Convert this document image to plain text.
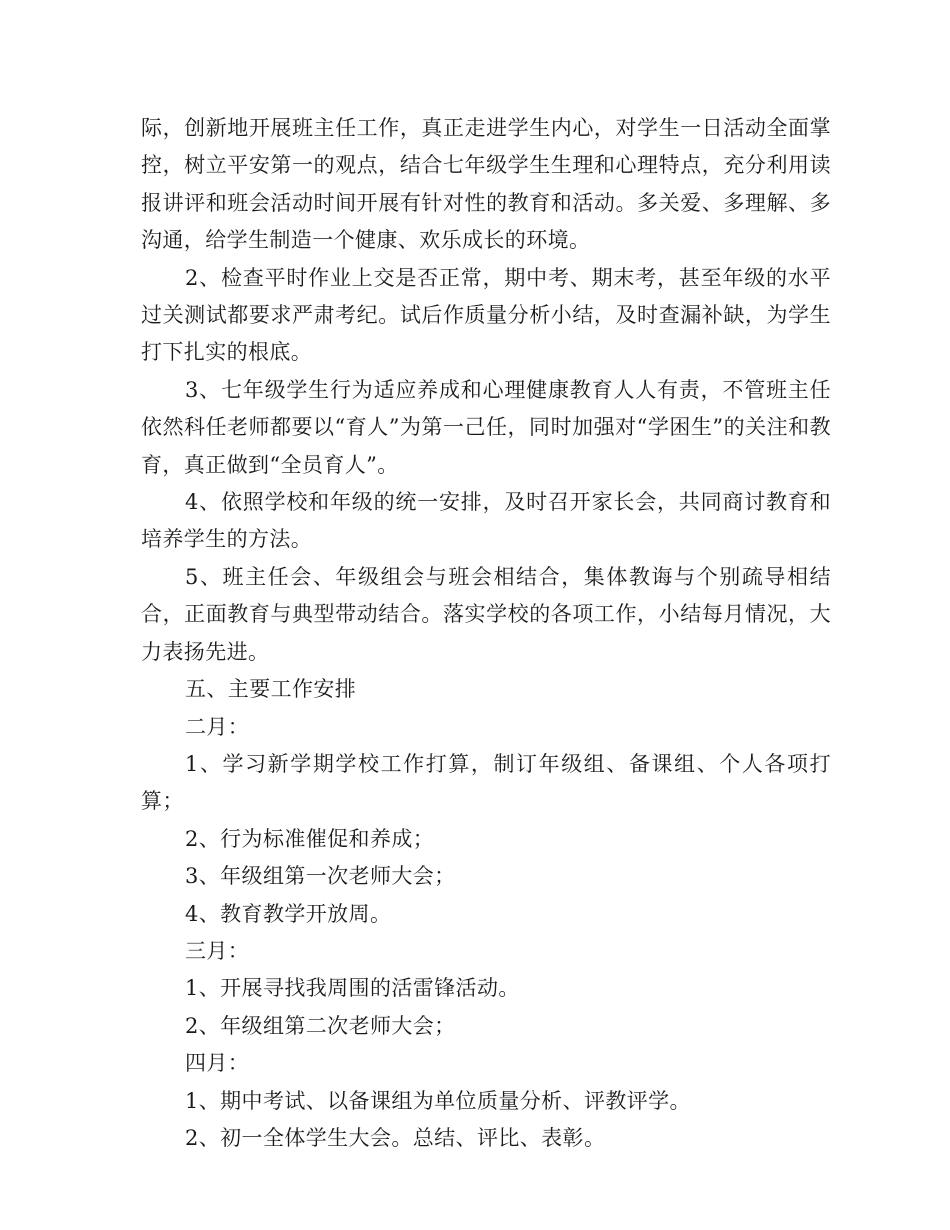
际，创新地开展班主任工作，真正走进学生内心，对学生一日活动全面掌控，树立平安第一的观点，结合七年级学生生理和心理特点，充分利用读报讲评和班会活动时间开展有针对性的教育和活动。多关爱、多理解、多沟通，给学生制造一个健康、欢乐成长的环境。

2、检查平时作业上交是否正常，期中考、期末考，甚至年级的水平过关测试都要求严肃考纪。试后作质量分析小结，及时查漏补缺，为学生打下扎实的根底。

3、七年级学生行为适应养成和心理健康教育人人有责，不管班主任依然科任老师都要以“育人”为第一己任，同时加强对“学困生”的关注和教育，真正做到“全员育人”。

4、依照学校和年级的统一安排，及时召开家长会，共同商讨教育和培养学生的方法。

5、班主任会、年级组会与班会相结合，集体教诲与个别疏导相结合，正面教育与典型带动结合。落实学校的各项工作，小结每月情况，大力表扬先进。

五、主要工作安排

二月：

1、学习新学期学校工作打算，制订年级组、备课组、个人各项打算；

2、行为标准催促和养成；

3、年级组第一次老师大会；

4、教育教学开放周。

三月：

1、开展寻找我周围的活雷锋活动。

2、年级组第二次老师大会；

四月：

1、期中考试、以备课组为单位质量分析、评教评学。

2、初一全体学生大会。总结、评比、表彰。
